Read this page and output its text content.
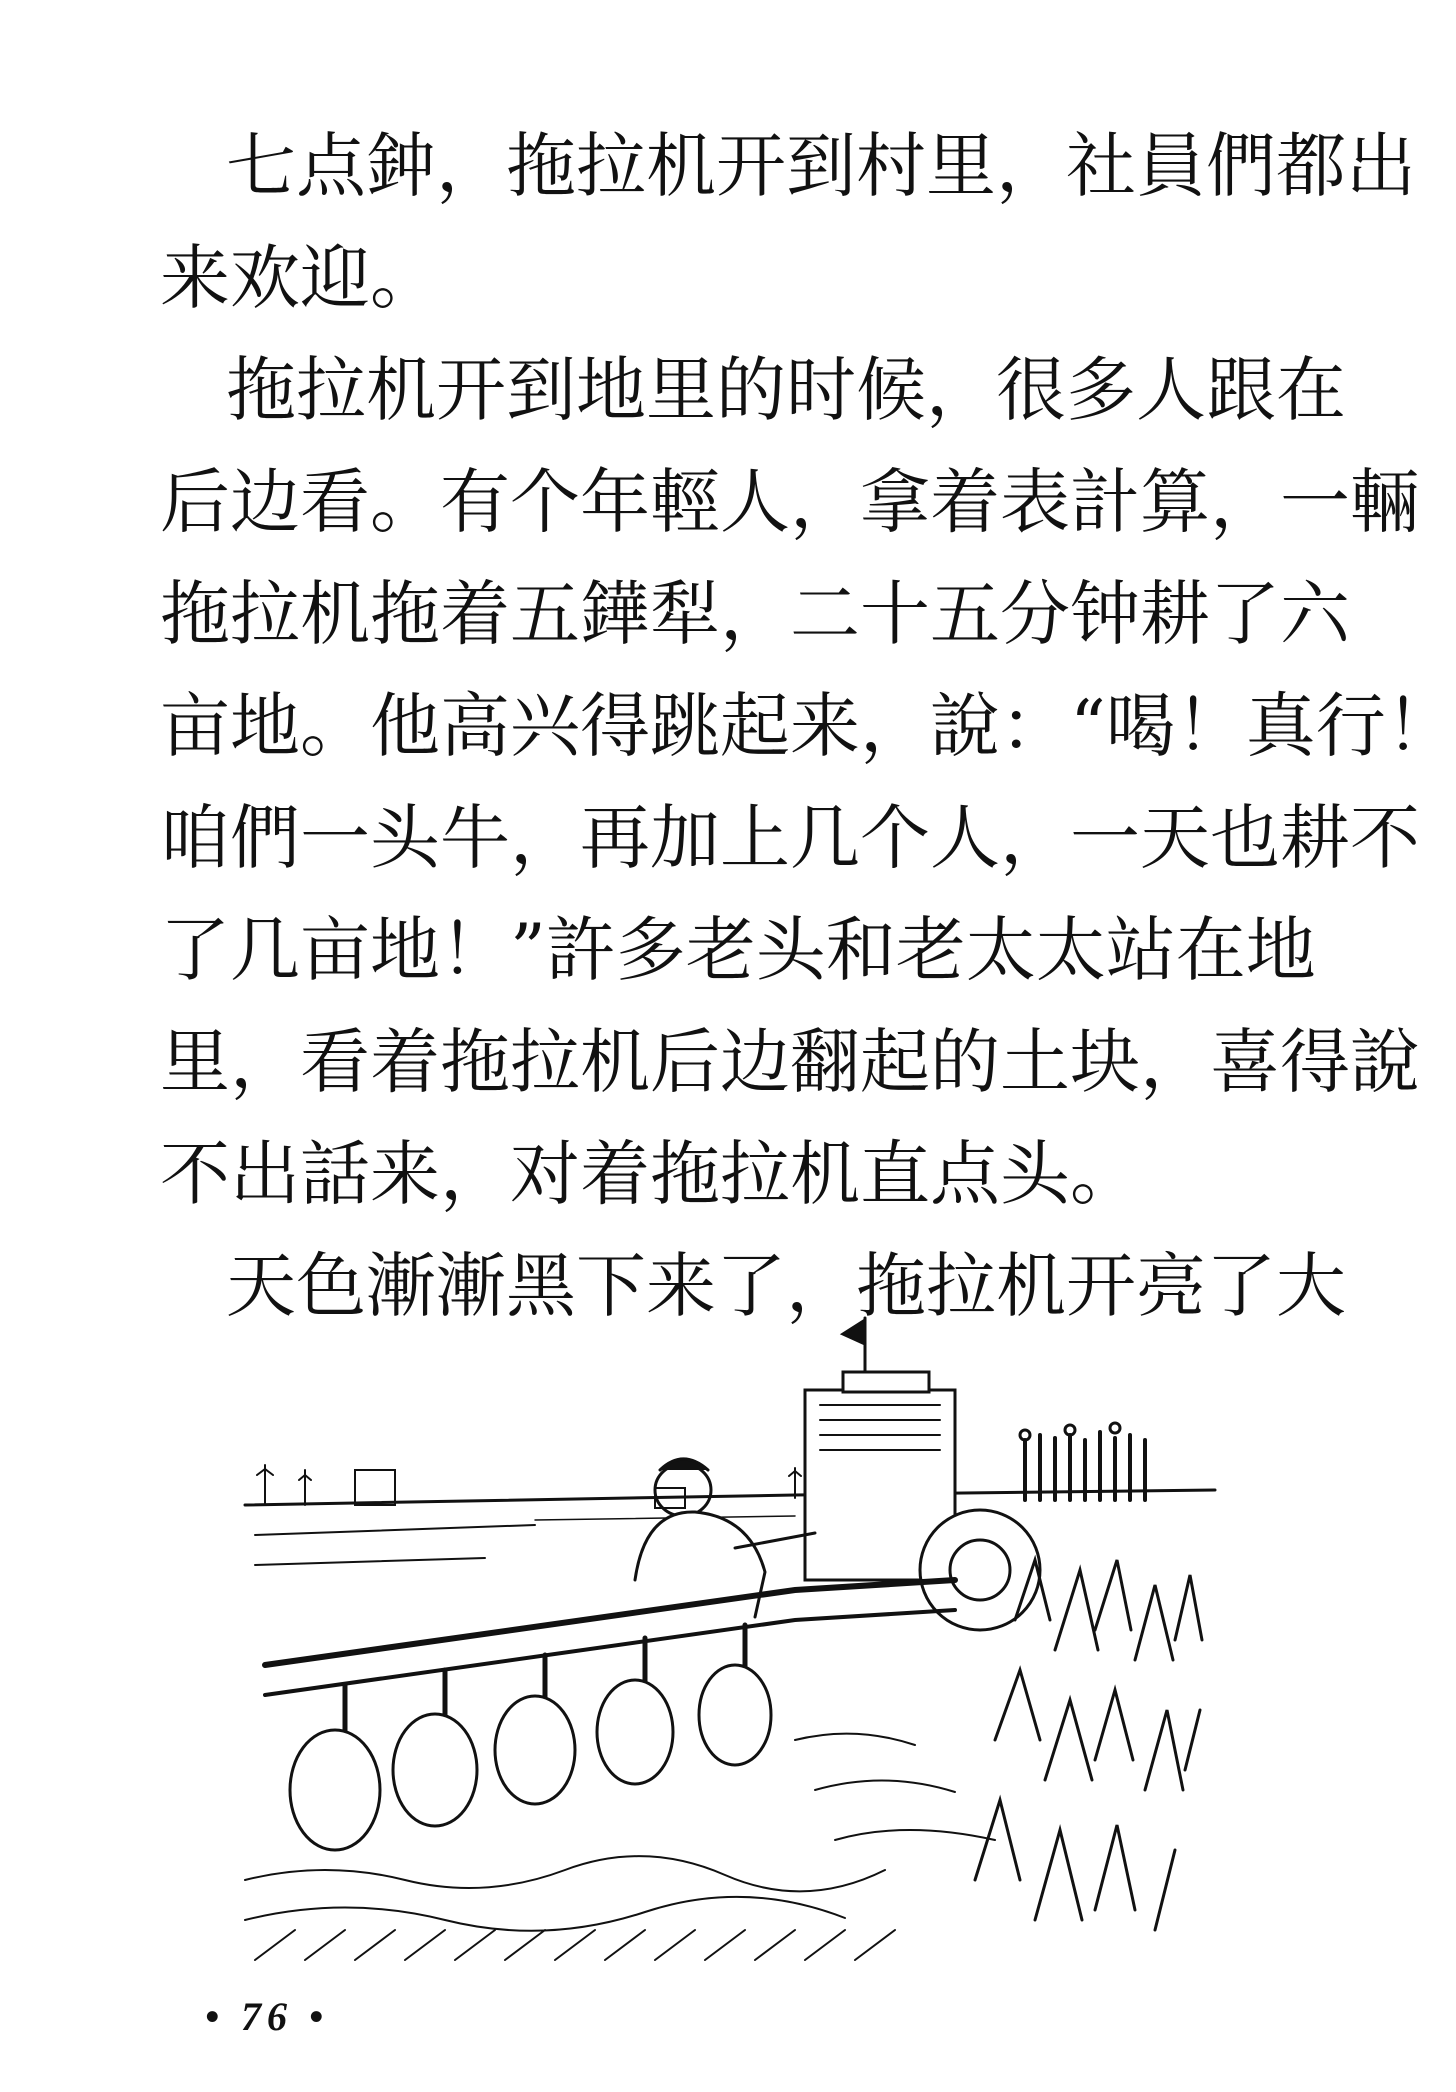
七点鈡，拖拉机开到村里，社員們都出
来欢迎。
拖拉机开到地里的时候，很多人跟在
后边看。有个年輕人，拿着表計算，一輛
拖拉机拖着五鏵犁，二十五分钟耕了六
亩地。他高兴得跳起来，說：“喝！真行！
咱們一头牛，再加上几个人，一天也耕不
了几亩地！”許多老头和老太太站在地
里，看着拖拉机后边翻起的土块，喜得說
不出話来，对着拖拉机直点头。
天色漸漸黑下来了，拖拉机开亮了大
• 76 •
